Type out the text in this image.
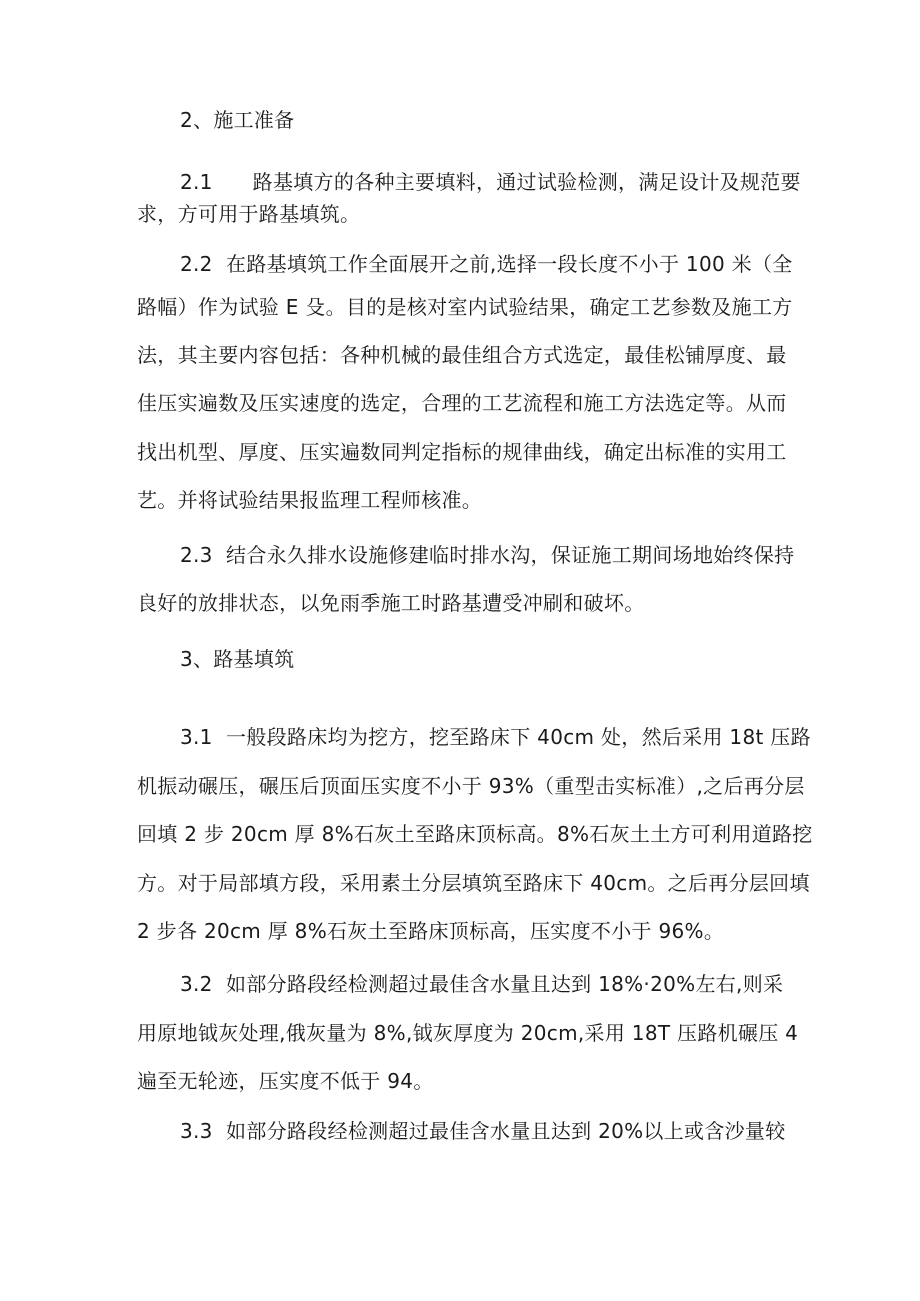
2、施工准备
2.1      路基填方的各种主要填料，通过试验检测，满足设计及规范要
求，方可用于路基填筑。
2.2  在路基填筑工作全面展开之前,选择一段长度不小于 100 米（全
路幅）作为试验 E 殳。目的是核对室内试验结果，确定工艺参数及施工方
法，其主要内容包括：各种机械的最佳组合方式选定，最佳松铺厚度、最
佳压实遍数及压实速度的选定，合理的工艺流程和施工方法选定等。从而
找出机型、厚度、压实遍数同判定指标的规律曲线，确定出标准的实用工
艺。并将试验结果报监理工程师核准。
2.3  结合永久排水设施修建临时排水沟，保证施工期间场地始终保持
良好的放排状态，以免雨季施工时路基遭受冲刷和破坏。
3、路基填筑
3.1  一般段路床均为挖方，挖至路床下 40cm 处，然后采用 18t 压路
机振动碾压，碾压后顶面压实度不小于 93%（重型击实标准）,之后再分层
回填 2 步 20cm 厚 8%石灰土至路床顶标高。8%石灰土土方可利用道路挖
方。对于局部填方段，采用素土分层填筑至路床下 40cm。之后再分层回填
2 步各 20cm 厚 8%石灰土至路床顶标高，压实度不小于 96%。
3.2  如部分路段经检测超过最佳含水量且达到 18%·20%左右,则采
用原地钺灰处理,俄灰量为 8%,钺灰厚度为 20cm,采用 18T 压路机碾压 4
遍至无轮迹，压实度不低于 94。
3.3  如部分路段经检测超过最佳含水量且达到 20%以上或含沙量较
